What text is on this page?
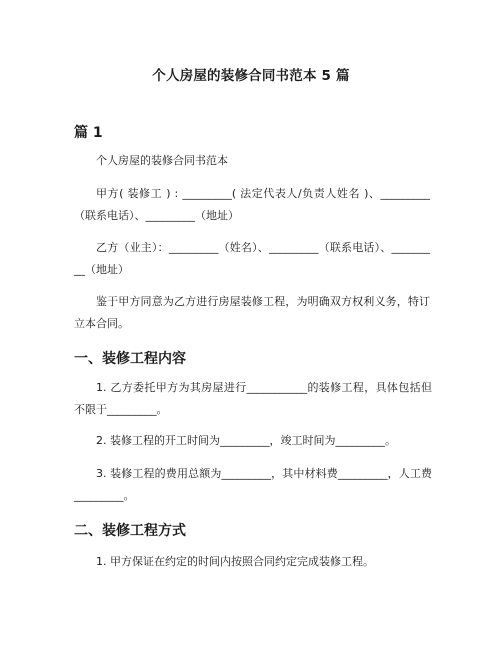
个人房屋的装修合同书范本 5 篇
篇 1
个人房屋的装修合同书范本
甲方( 装修工 ) : _________( 法定代表人/负责人姓名 )、_________（联系电话）、_________（地址）
乙方（业主）：_________（姓名）、_________（联系电话）、_________（地址）
鉴于甲方同意为乙方进行房屋装修工程，为明确双方权利义务，特订立本合同。
一、装修工程内容
1. 乙方委托甲方为其房屋进行___________的装修工程，具体包括但不限于_________。
2. 装修工程的开工时间为_________，竣工时间为_________。
3. 装修工程的费用总额为_________，其中材料费_________，人工费_________。
二、装修工程方式
1. 甲方保证在约定的时间内按照合同约定完成装修工程。
